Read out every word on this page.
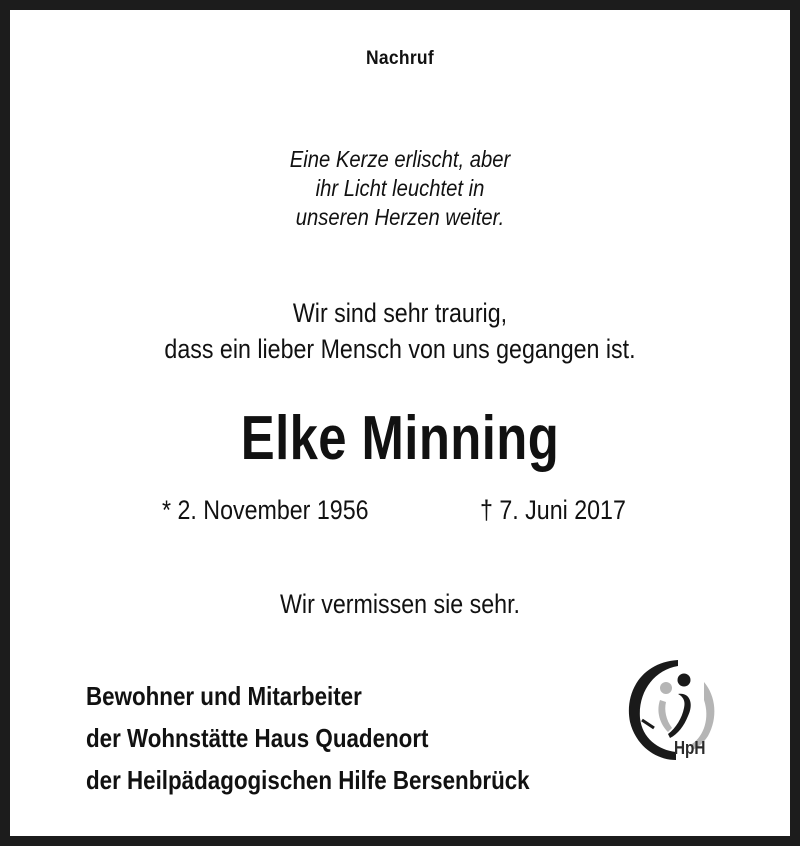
Nachruf

Eine Kerze erlischt, aber
ihr Licht leuchtet in
unseren Herzen weiter.

Wir sind sehr traurig,
dass ein lieber Mensch von uns gegangen ist.

Elke Minning

* 2. November 1956	† 7. Juni 2017

Wir vermissen sie sehr.

Bewohner und Mitarbeiter
der Wohnstätte Haus Quadenort
der Heilpädagogischen Hilfe Bersenbrück
HpH
